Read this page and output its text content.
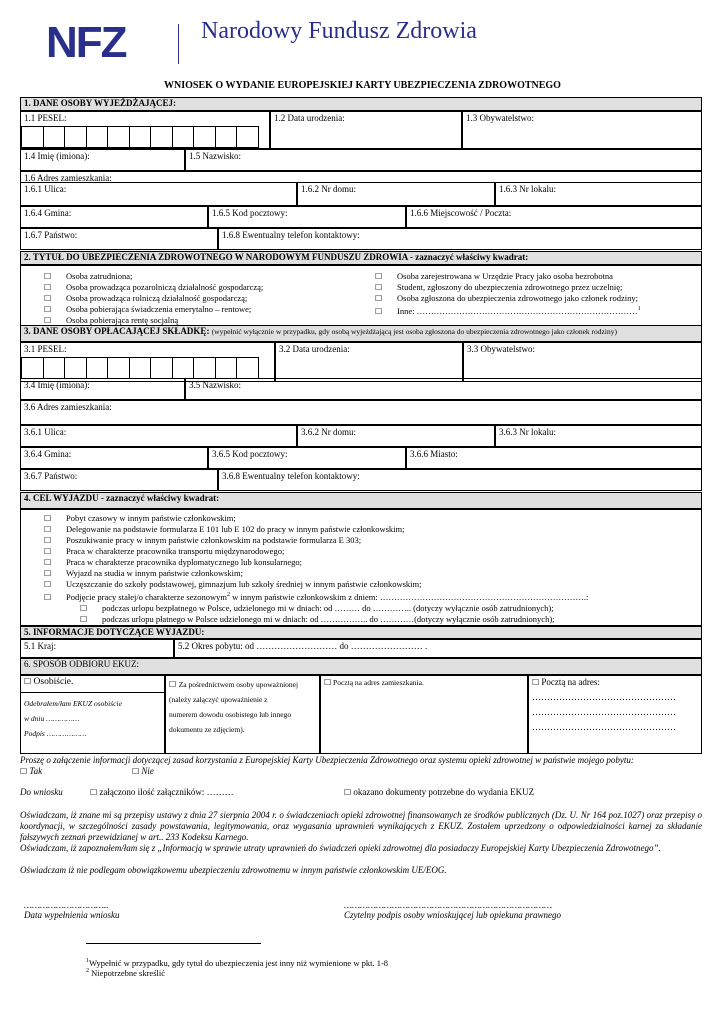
NFZ	Narodowy Fundusz Zdrowia
WNIOSEK O WYDANIE EUROPEJSKIEJ KARTY UBEZPIECZENIA ZDROWOTNEGO
1. DANE OSOBY WYJEŻDŻAJĄCEJ:
1.1 PESEL:	1.2 Data urodzenia:	1.3 Obywatelstwo:
1.4 Imię (imiona):	1.5 Nazwisko:
1.6 Adres zamieszkania:
1.6.1 Ulica:	1.6.2 Nr domu:	1.6.3 Nr lokalu:
1.6.4 Gmina:	1.6.5 Kod pocztowy:	1.6.6 Miejscowość / Poczta:
1.6.7 Państwo:	1.6.8 Ewentualny telefon kontaktowy:
2. TYTUŁ DO UBEZPIECZENIA ZDROWOTNEGO W NARODOWYM FUNDUSZU ZDROWIA - zaznaczyć właściwy kwadrat:
☐ Osoba zatrudniona;
☐ Osoba prowadząca pozarolniczą działalność gospodarczą;
☐ Osoba prowadząca rolniczą działalność gospodarczą;
☐ Osoba pobierająca świadczenia emerytalno – rentowe;
☐ Osoba pobierająca rentę socjalną
☐ Osoba zarejestrowana w Urzędzie Pracy jako osoba bezrobotna
☐ Student, zgłoszony do ubezpieczenia zdrowotnego przez uczelnię;
☐ Osoba zgłoszona do ubezpieczenia zdrowotnego jako członek rodziny;
☐ Inne: ……………………………………………………………………$^1$
3. DANE OSOBY OPŁACAJĄCEJ SKŁADKĘ: (wypełnić wyłącznie w przypadku, gdy osobą wyjeżdżającą jest osoba zgłoszona do ubezpieczenia zdrowotnego jako członek rodziny)
3.1 PESEL:	3.2 Data urodzenia:	3.3 Obywatelstwo:
3.4 Imię (imiona):	3.5 Nazwisko:
3.6 Adres zamieszkania:
3.6.1 Ulica:	3.6.2 Nr domu:	3.6.3 Nr lokalu:
3.6.4 Gmina:	3.6.5 Kod pocztowy:	3.6.6 Miasto:
3.6.7 Państwo:	3.6.8 Ewentualny telefon kontaktowy:
4. CEL WYJAZDU - zaznaczyć właściwy kwadrat:
☐ Pobyt czasowy w innym państwie członkowskim;
☐ Delegowanie na podstawie formularza E 101 lub E 102 do pracy w innym państwie członkowskim;
☐ Poszukiwanie pracy w innym państwie członkowskim na podstawie formularza E 303;
☐ Praca w charakterze pracownika transportu międzynarodowego;
☐ Praca w charakterze pracownika dyplomatycznego lub konsularnego;
☐ Wyjazd na studia w innym państwie członkowskim;
☐ Uczęszczanie do szkoły podstawowej, gimnazjum lub szkoły średniej w innym państwie członkowskim;
☐ Podjęcie pracy stałej/o charakterze sezonowym$^2$ w innym państwie członkowskim z dniem: ……………………………………………………………….:
☐ podczas urlopu bezpłatnego w Polsce, udzielonego mi w dniach: od ……… do ………….. (dotyczy wyłącznie osób zatrudnionych);
☐ podczas urlopu płatnego w Polsce udzielonego mi w dniach: od …………….. do …………(dotyczy wyłącznie osób zatrudnionych);
5. INFORMACJE DOTYCZĄCE WYJAZDU:
5.1 Kraj:	5.2 Okres pobytu: od ……………………… do …………………… .
6. SPOSÓB ODBIORU EKUZ:
☐ Osobiście.
Odebrałem/łam EKUZ osobiście
w dniu ……………
Podpis ………………
☐ Za pośrednictwem osoby upoważnionej
(należy załączyć upoważnienie z
numerem dowodu osobistego lub innego
dokumentu ze zdjęciem).
☐ Pocztą na adres zamieszkania.	☐ Pocztą na adres:
…………………………………………
…………………………………………
…………………………………………
Proszę o załączenie informacji dotyczącej zasad korzystania z Europejskiej Karty Ubezpieczenia Zdrowotnego oraz systemu opieki zdrowotnej w państwie mojego pobytu:
☐ Tak	☐ Nie
Do wniosku	☐ załączono ilość załączników: ………	☐ okazano dokumenty potrzebne do wydania EKUZ
Oświadczam, iż znane mi są przepisy ustawy z dnia 27 sierpnia 2004 r. o świadczeniach opieki zdrowotnej finansowanych ze środków publicznych (Dz. U. Nr 164 poz.1027) oraz przepisy o koordynacji, w szczególności zasady powstawania, legitymowania, oraz wygasania uprawnień wynikających z EKUZ. Zostałem uprzedzony o odpowiedzialności karnej za składanie fałszywych zeznań przewidzianej w art.. 233 Kodeksu Karnego.
Oświadczam, iż zapoznałem/łam się z „Informacją w sprawie utraty uprawnień do świadczeń opieki zdrowotnej dla posiadaczy Europejskiej Karty Ubezpieczenia Zdrowotnego”.
Oświadczam iż nie podlegam obowiązkowemu ubezpieczeniu zdrowotnemu w innym państwie członkowskim UE/EOG.
…………………………..
Data wypełnienia wniosku
……………………………………………………………………
Czytelny podpis osoby wnioskującej lub opiekuna prawnego
$^1$Wypełnić w przypadku, gdy tytuł do ubezpieczenia jest inny niż wymienione w pkt. 1-8
$^2$ Niepotrzebne skreślić
